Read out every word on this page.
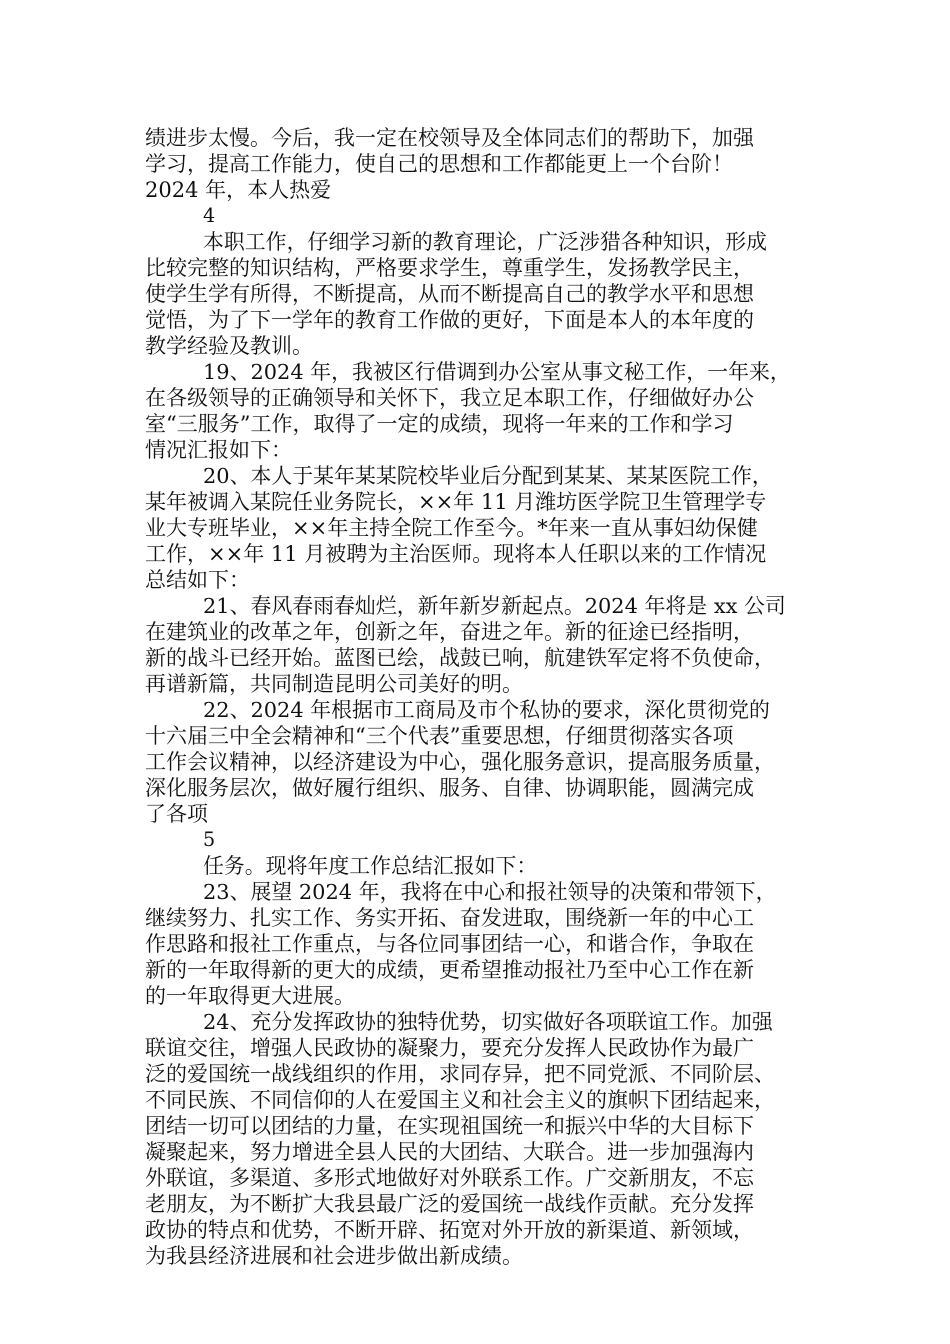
绩进步太慢。今后，我一定在校领导及全体同志们的帮助下，加强
学习，提高工作能力，使自己的思想和工作都能更上一个台阶！
2024 年，本人热爱
4
本职工作，仔细学习新的教育理论，广泛涉猎各种知识，形成
比较完整的知识结构，严格要求学生，尊重学生，发扬教学民主，
使学生学有所得，不断提高，从而不断提高自己的教学水平和思想
觉悟，为了下一学年的教育工作做的更好，下面是本人的本年度的
教学经验及教训。
19、2024 年，我被区行借调到办公室从事文秘工作，一年来，
在各级领导的正确领导和关怀下，我立足本职工作，仔细做好办公
室“三服务”工作，取得了一定的成绩，现将一年来的工作和学习
情况汇报如下：
20、本人于某年某某院校毕业后分配到某某、某某医院工作，
某年被调入某院任业务院长，××年 11 月潍坊医学院卫生管理学专
业大专班毕业，××年主持全院工作至今。*年来一直从事妇幼保健
工作，××年 11 月被聘为主治医师。现将本人任职以来的工作情况
总结如下：
21、春风春雨春灿烂，新年新岁新起点。2024 年将是 xx 公司
在建筑业的改革之年，创新之年，奋进之年。新的征途已经指明，
新的战斗已经开始。蓝图已绘，战鼓已响，航建铁军定将不负使命，
再谱新篇，共同制造昆明公司美好的明。
22、2024 年根据市工商局及市个私协的要求，深化贯彻党的
十六届三中全会精神和“三个代表”重要思想，仔细贯彻落实各项
工作会议精神，以经济建设为中心，强化服务意识，提高服务质量，
深化服务层次，做好履行组织、服务、自律、协调职能，圆满完成
了各项
5
任务。现将年度工作总结汇报如下：
23、展望 2024 年，我将在中心和报社领导的决策和带领下，
继续努力、扎实工作、务实开拓、奋发进取，围绕新一年的中心工
作思路和报社工作重点，与各位同事团结一心，和谐合作，争取在
新的一年取得新的更大的成绩，更希望推动报社乃至中心工作在新
的一年取得更大进展。
24、充分发挥政协的独特优势，切实做好各项联谊工作。加强
联谊交往，增强人民政协的凝聚力，要充分发挥人民政协作为最广
泛的爱国统一战线组织的作用，求同存异，把不同党派、不同阶层、
不同民族、不同信仰的人在爱国主义和社会主义的旗帜下团结起来，
团结一切可以团结的力量，在实现祖国统一和振兴中华的大目标下
凝聚起来，努力增进全县人民的大团结、大联合。进一步加强海内
外联谊，多渠道、多形式地做好对外联系工作。广交新朋友，不忘
老朋友，为不断扩大我县最广泛的爱国统一战线作贡献。充分发挥
政协的特点和优势，不断开辟、拓宽对外开放的新渠道、新领域，
为我县经济进展和社会进步做出新成绩。
